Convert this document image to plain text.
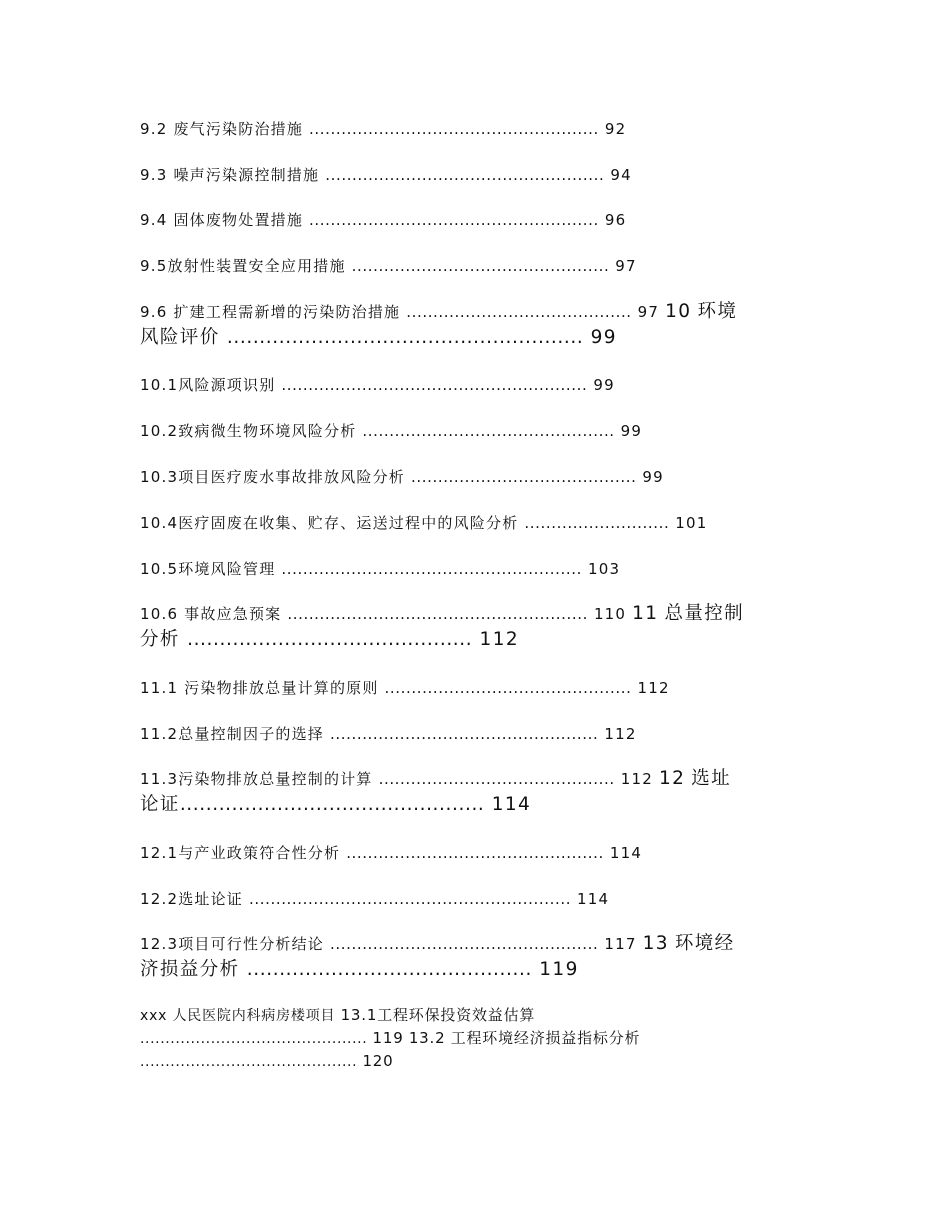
9.2 废气污染防治措施 ...................................................... 92
9.3 噪声污染源控制措施 .................................................... 94
9.4 固体废物处置措施 ...................................................... 96
9.5放射性装置安全应用措施 ................................................ 97
9.6 扩建工程需新增的污染防治措施 .......................................... 97 10 环境
风险评价 ....................................................... 99
10.1风险源项识别 ......................................................... 99
10.2致病微生物环境风险分析 ............................................... 99
10.3项目医疗废水事故排放风险分析 .......................................... 99
10.4医疗固废在收集、贮存、运送过程中的风险分析 ........................... 101
10.5环境风险管理 ........................................................ 103
10.6 事故应急预案 ........................................................ 110 11 总量控制
分析 ............................................ 112
11.1 污染物排放总量计算的原则 .............................................. 112
11.2总量控制因子的选择 .................................................. 112
11.3污染物排放总量控制的计算 ............................................ 112 12 选址
论证............................................... 114
12.1与产业政策符合性分析 ................................................ 114
12.2选址论证 ............................................................ 114
12.3项目可行性分析结论 .................................................. 117 13 环境经
济损益分析 ............................................ 119
xxx 人民医院内科病房楼项目 13.1工程环保投资效益估算
............................................. 119 13.2 工程环境经济损益指标分析
........................................... 120
